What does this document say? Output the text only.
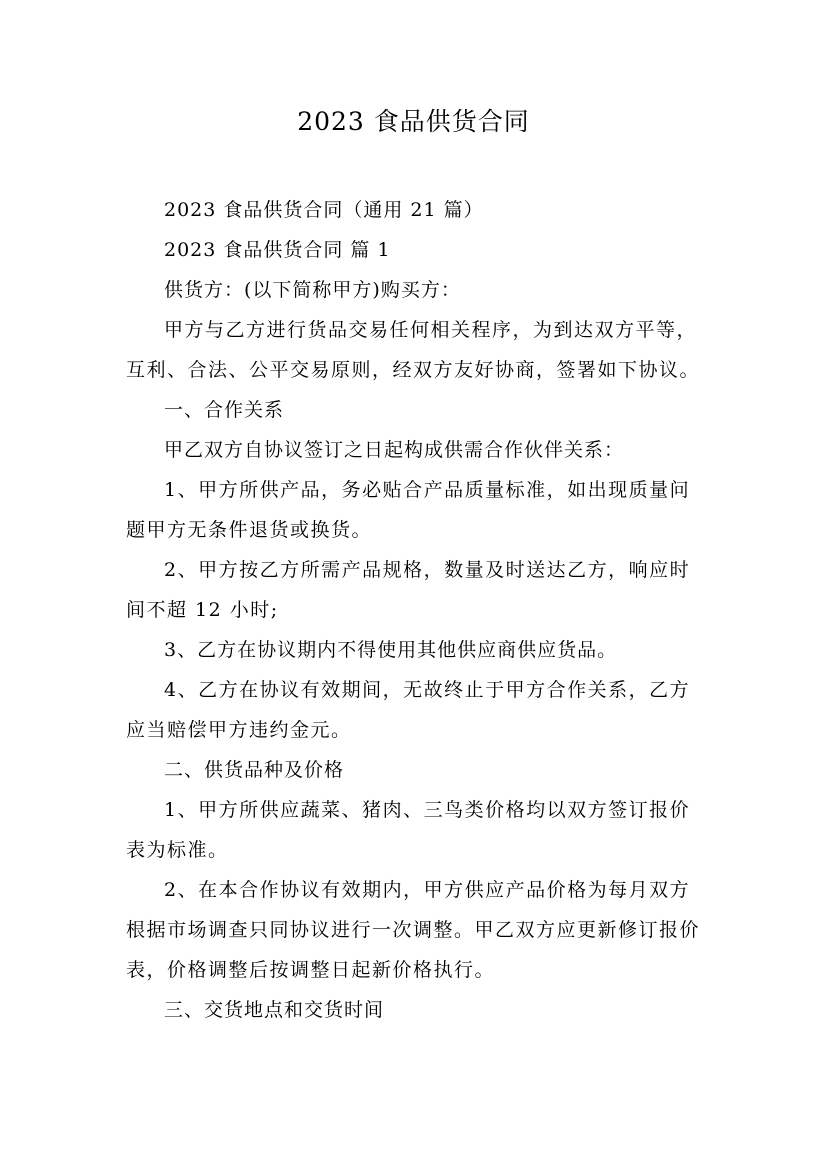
2023 食品供货合同
2023 食品供货合同（通用 21 篇）
2023 食品供货合同 篇 1
供货方：(以下简称甲方)购买方：
甲方与乙方进行货品交易任何相关程序，为到达双方平等，互利、合法、公平交易原则，经双方友好协商，签署如下协议。
一、合作关系
甲乙双方自协议签订之日起构成供需合作伙伴关系：
1、甲方所供产品，务必贴合产品质量标准，如出现质量问题甲方无条件退货或换货。
2、甲方按乙方所需产品规格，数量及时送达乙方，响应时间不超 12 小时;
3、乙方在协议期内不得使用其他供应商供应货品。
4、乙方在协议有效期间，无故终止于甲方合作关系，乙方应当赔偿甲方违约金元。
二、供货品种及价格
1、甲方所供应蔬菜、猪肉、三鸟类价格均以双方签订报价表为标准。
2、在本合作协议有效期内，甲方供应产品价格为每月双方根据市场调查只同协议进行一次调整。甲乙双方应更新修订报价表，价格调整后按调整日起新价格执行。
三、交货地点和交货时间
